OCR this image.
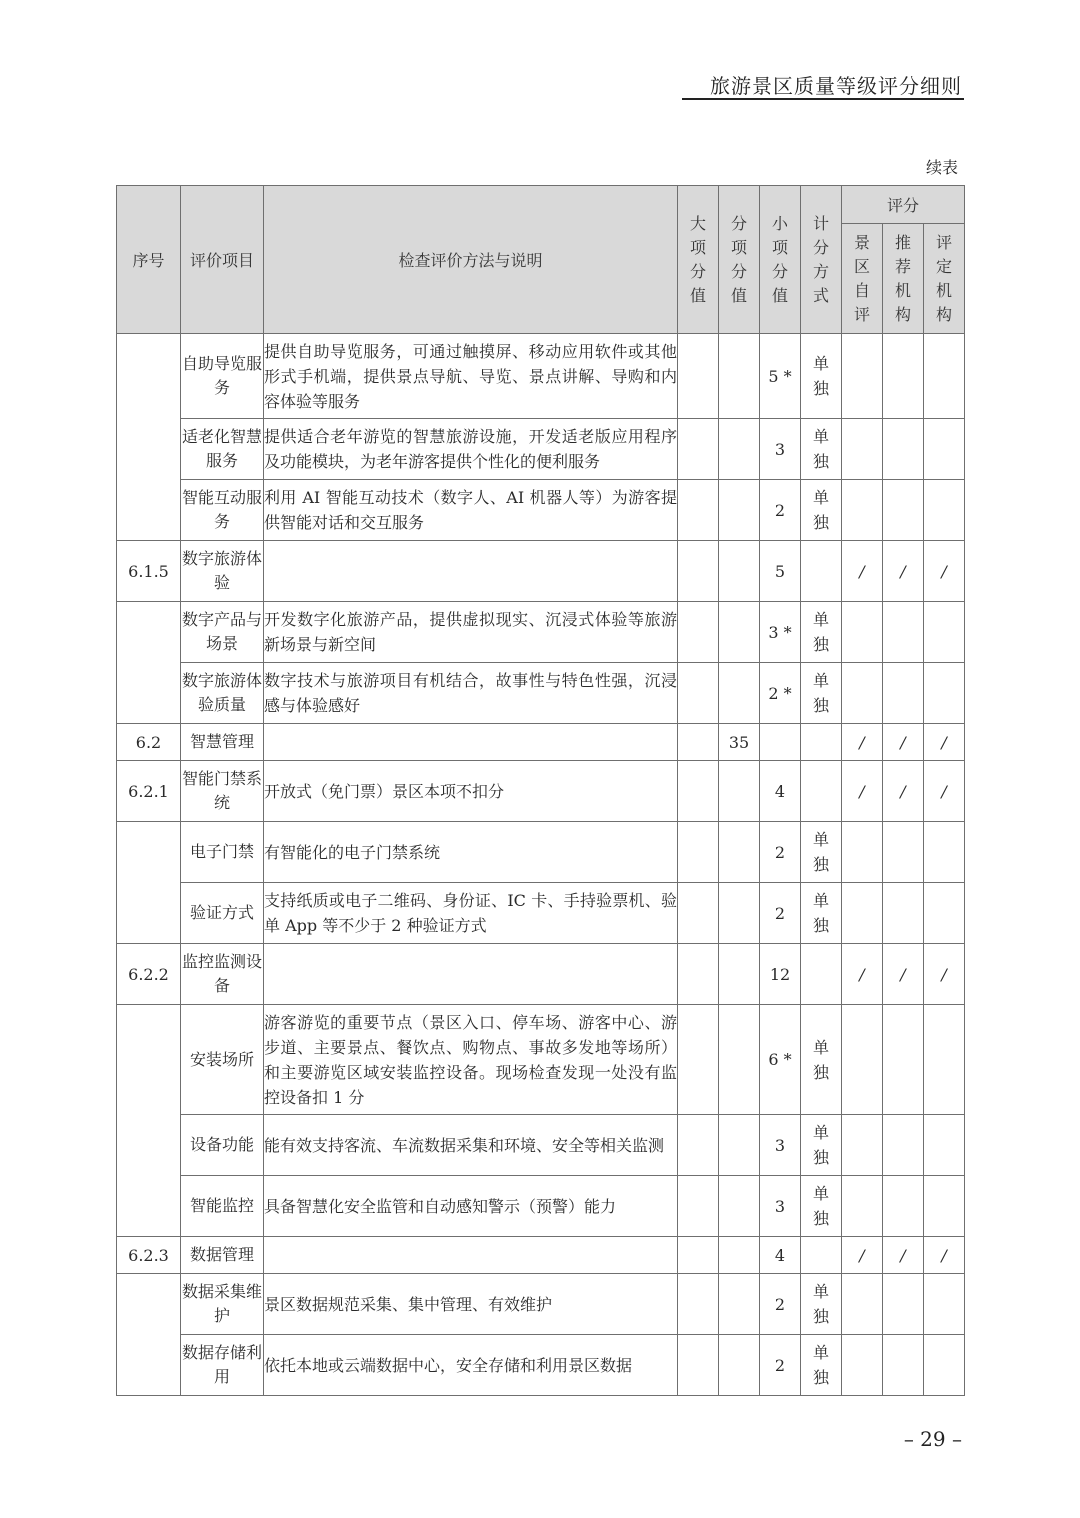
旅游景区质量等级评分细则
续表
序号	评价项目	检查评价方法与说明	大项分值	分项分值	小项分值	计分方式	评分		
							景区自评	推荐机构	评定机构
	自助导览服务	提供自助导览服务，可通过触摸屏、移动应用软件或其他形式手机端，提供景点导航、导览、景点讲解、导购和内容体验等服务			5 *	单独			
	适老化智慧服务	提供适合老年游览的智慧旅游设施，开发适老版应用程序及功能模块，为老年游客提供个性化的便利服务			3	单独			
	智能互动服务	利用 AI 智能互动技术（数字人、AI 机器人等）为游客提供智能对话和交互服务			2	单独			
6.1.5	数字旅游体验				5		/	/	/
	数字产品与场景	开发数字化旅游产品，提供虚拟现实、沉浸式体验等旅游新场景与新空间			3 *	单独			
	数字旅游体验质量	数字技术与旅游项目有机结合，故事性与特色性强，沉浸感与体验感好			2 *	单独			
6.2	智慧管理			35			/	/	/
6.2.1	智能门禁系统	开放式（免门票）景区本项不扣分			4		/	/	/
	电子门禁	有智能化的电子门禁系统			2	单独			
	验证方式	支持纸质或电子二维码、身份证、IC 卡、手持验票机、验单 App 等不少于 2 种验证方式			2	单独			
6.2.2	监控监测设备				12		/	/	/
	安装场所	游客游览的重要节点（景区入口、停车场、游客中心、游步道、主要景点、餐饮点、购物点、事故多发地等场所）和主要游览区域安装监控设备。现场检查发现一处没有监控设备扣 1 分			6 *	单独			
	设备功能	能有效支持客流、车流数据采集和环境、安全等相关监测			3	单独			
	智能监控	具备智慧化安全监管和自动感知警示（预警）能力			3	单独			
6.2.3	数据管理				4		/	/	/
	数据采集维护	景区数据规范采集、集中管理、有效维护			2	单独			
	数据存储利用	依托本地或云端数据中心，安全存储和利用景区数据			2	单独			
– 29 –
